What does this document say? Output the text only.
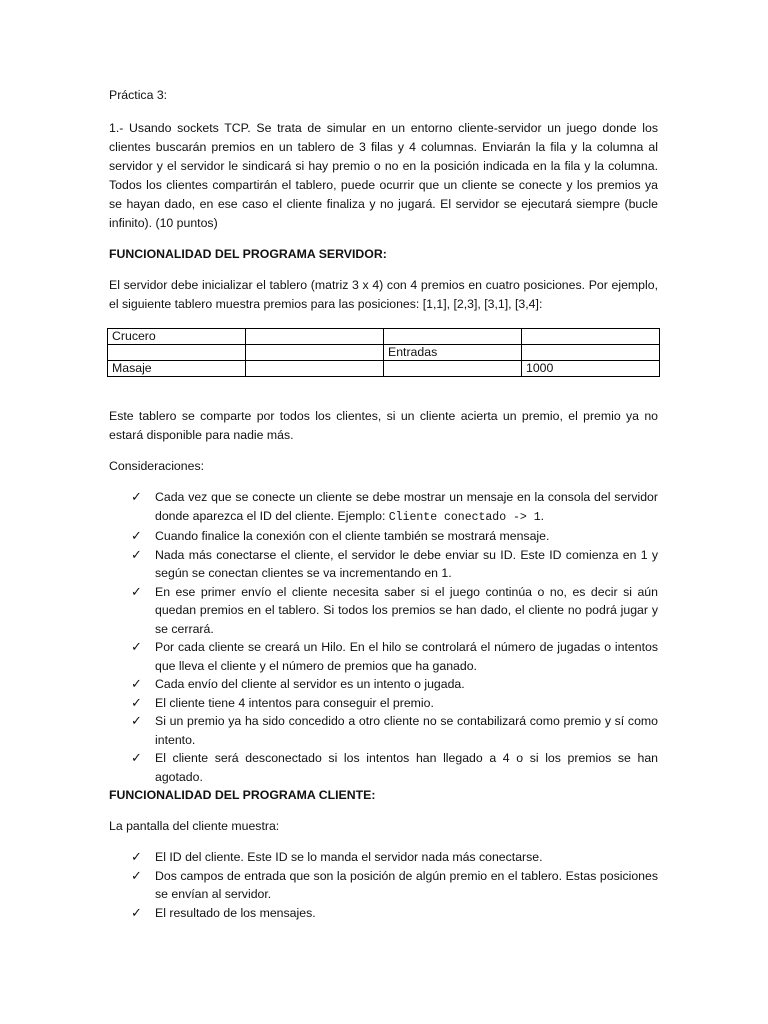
Práctica 3:

1.- Usando sockets TCP. Se trata de simular en un entorno cliente-servidor un juego donde los clientes buscarán premios en un tablero de 3 filas y 4 columnas. Enviarán la fila y la columna al servidor y el servidor le sindicará si hay premio o no en la posición indicada en la fila y la columna. Todos los clientes compartirán el tablero, puede ocurrir que un cliente se conecte y los premios ya se hayan dado, en ese caso el cliente finaliza y no jugará. El servidor se ejecutará siempre (bucle infinito). (10 puntos)

FUNCIONALIDAD DEL PROGRAMA SERVIDOR:

El servidor debe inicializar el tablero (matriz 3 x 4) con 4 premios en cuatro posiciones. Por ejemplo, el siguiente tablero muestra premios para las posiciones: [1,1], [2,3], [3,1], [3,4]:

Crucero			
		Entradas	
Masaje			1000

Este tablero se comparte por todos los clientes, si un cliente acierta un premio, el premio ya no estará disponible para nadie más.

Consideraciones:

✓ Cada vez que se conecte un cliente se debe mostrar un mensaje en la consola del servidor donde aparezca el ID del cliente. Ejemplo: Cliente conectado -> 1.
✓ Cuando finalice la conexión con el cliente también se mostrará mensaje.
✓ Nada más conectarse el cliente, el servidor le debe enviar su ID. Este ID comienza en 1 y según se conectan clientes se va incrementando en 1.
✓ En ese primer envío el cliente necesita saber si el juego continúa o no, es decir si aún quedan premios en el tablero. Si todos los premios se han dado, el cliente no podrá jugar y se cerrará.
✓ Por cada cliente se creará un Hilo. En el hilo se controlará el número de jugadas o intentos que lleva el cliente y el número de premios que ha ganado.
✓ Cada envío del cliente al servidor es un intento o jugada.
✓ El cliente tiene 4 intentos para conseguir el premio.
✓ Si un premio ya ha sido concedido a otro cliente no se contabilizará como premio y sí como intento.
✓ El cliente será desconectado si los intentos han llegado a 4 o si los premios se han agotado.

FUNCIONALIDAD DEL PROGRAMA CLIENTE:

La pantalla del cliente muestra:

✓ El ID del cliente. Este ID se lo manda el servidor nada más conectarse.
✓ Dos campos de entrada que son la posición de algún premio en el tablero. Estas posiciones se envían al servidor.
✓ El resultado de los mensajes.
